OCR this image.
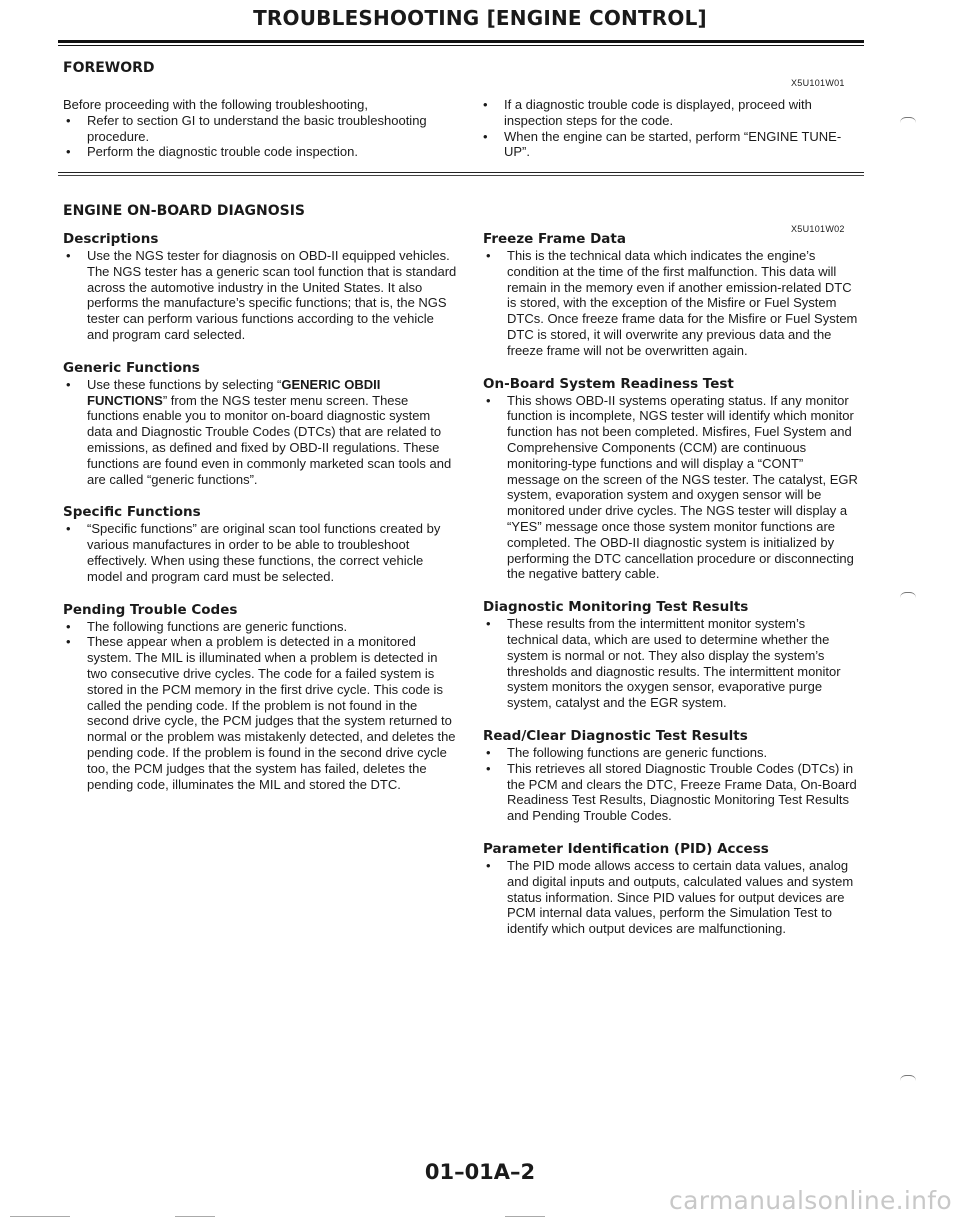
TROUBLESHOOTING [ENGINE CONTROL]
FOREWORD
X5U101W01

Before proceeding with the following troubleshooting,

• Refer to section GI to understand the basic troubleshooting procedure.
• Perform the diagnostic trouble code inspection.
• If a diagnostic trouble code is displayed, proceed with inspection steps for the code.
• When the engine can be started, perform “ENGINE TUNE-UP”.
ENGINE ON-BOARD DIAGNOSIS
X5U101W02

Descriptions

• Use the NGS tester for diagnosis on OBD-II equipped vehicles. The NGS tester has a generic scan tool function that is standard across the automotive industry in the United States. It also performs the manufacture’s specific functions; that is, the NGS tester can perform various functions according to the vehicle and program card selected.

Generic Functions

• Use these functions by selecting “GENERIC OBDII FUNCTIONS” from the NGS tester menu screen. These functions enable you to monitor on-board diagnostic system data and Diagnostic Trouble Codes (DTCs) that are related to emissions, as defined and fixed by OBD-II regulations. These functions are found even in commonly marketed scan tools and are called “generic functions”.

Specific Functions

• “Specific functions” are original scan tool functions created by various manufactures in order to be able to troubleshoot effectively. When using these functions, the correct vehicle model and program card must be selected.

Pending Trouble Codes

• The following functions are generic functions.
• These appear when a problem is detected in a monitored system. The MIL is illuminated when a problem is detected in two consecutive drive cycles. The code for a failed system is stored in the PCM memory in the first drive cycle. This code is called the pending code. If the problem is not found in the second drive cycle, the PCM judges that the system returned to normal or the problem was mistakenly detected, and deletes the pending code. If the problem is found in the second drive cycle too, the PCM judges that the system has failed, deletes the pending code, illuminates the MIL and stored the DTC.

Freeze Frame Data

• This is the technical data which indicates the engine’s condition at the time of the first malfunction. This data will remain in the memory even if another emission-related DTC is stored, with the exception of the Misfire or Fuel System DTCs. Once freeze frame data for the Misfire or Fuel System DTC is stored, it will overwrite any previous data and the freeze frame will not be overwritten again.

On-Board System Readiness Test

• This shows OBD-II systems operating status. If any monitor function is incomplete, NGS tester will identify which monitor function has not been completed. Misfires, Fuel System and Comprehensive Components (CCM) are continuous monitoring-type functions and will display a “CONT” message on the screen of the NGS tester. The catalyst, EGR system, evaporation system and oxygen sensor will be monitored under drive cycles. The NGS tester will display a “YES” message once those system monitor functions are completed. The OBD-II diagnostic system is initialized by performing the DTC cancellation procedure or disconnecting the negative battery cable.

Diagnostic Monitoring Test Results

• These results from the intermittent monitor system’s technical data, which are used to determine whether the system is normal or not. They also display the system’s thresholds and diagnostic results. The intermittent monitor system monitors the oxygen sensor, evaporative purge system, catalyst and the EGR system.

Read/Clear Diagnostic Test Results

• The following functions are generic functions.
• This retrieves all stored Diagnostic Trouble Codes (DTCs) in the PCM and clears the DTC, Freeze Frame Data, On-Board Readiness Test Results, Diagnostic Monitoring Test Results and Pending Trouble Codes.

Parameter Identification (PID) Access

• The PID mode allows access to certain data values, analog and digital inputs and outputs, calculated values and system status information. Since PID values for output devices are PCM internal data values, perform the Simulation Test to identify which output devices are malfunctioning.
01–01A–2
carmanualsonline.info
